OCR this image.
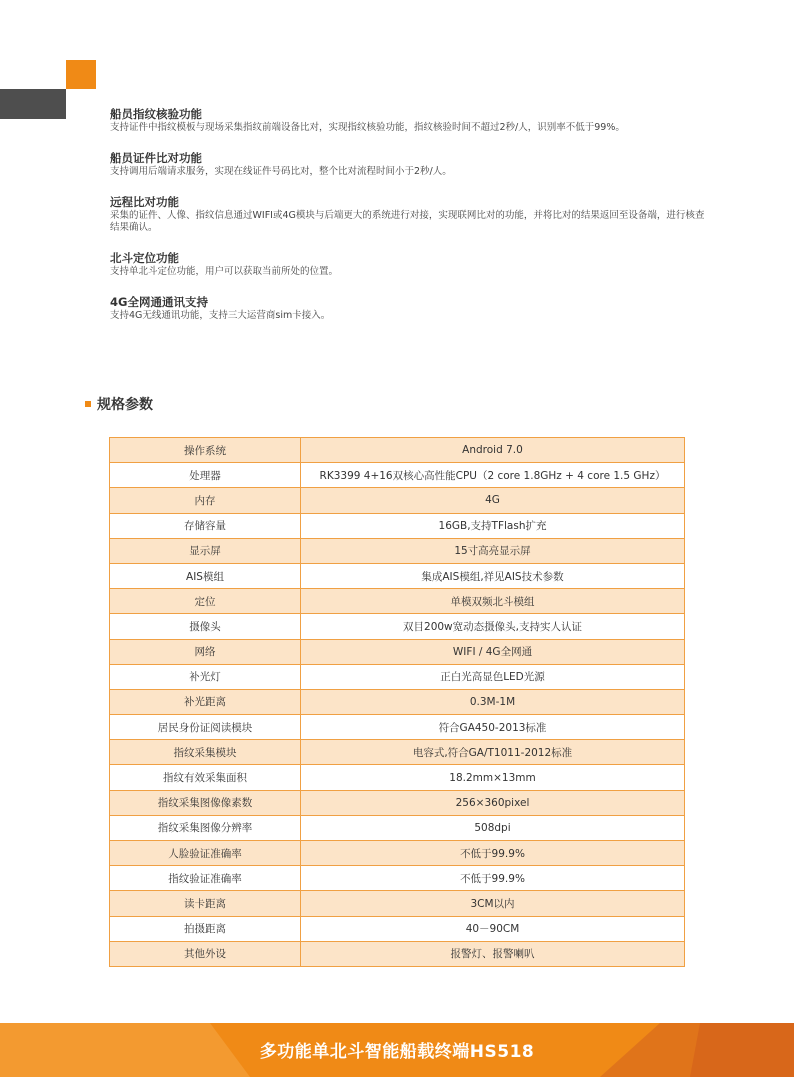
船员指纹核验功能
支持证件中指纹模板与现场采集指纹前端设备比对，实现指纹核验功能，指纹核验时间不超过2秒/人，识别率不低于99%。
船员证件比对功能
支持调用后端请求服务，实现在线证件号码比对，整个比对流程时间小于2秒/人。
远程比对功能
采集的证件、人像、指纹信息通过WIFI或4G模块与后端更大的系统进行对接，实现联网比对的功能，并将比对的结果返回至设备端，进行核查结果确认。
北斗定位功能
支持单北斗定位功能，用户可以获取当前所处的位置。
4G全网通通讯支持
支持4G无线通讯功能，支持三大运营商sim卡接入。
规格参数
操作系统	Android 7.0
处理器	RK3399 4+16双核心高性能CPU（2 core 1.8GHz + 4 core 1.5 GHz）
内存	4G
存储容量	16GB,支持TFlash扩充
显示屏	15寸高亮显示屏
AIS模组	集成AIS模组,祥见AIS技术参数
定位	单模双频北斗模组
摄像头	双目200w宽动态摄像头,支持实人认证
网络	WIFI / 4G全网通
补光灯	正白光高显色LED光源
补光距离	0.3M-1M
居民身份证阅读模块	符合GA450-2013标准
指纹采集模块	电容式,符合GA/T1011-2012标准
指纹有效采集面积	18.2mm×13mm
指纹采集图像像素数	256×360pixel
指纹采集图像分辨率	508dpi
人脸验证准确率	不低于99.9%
指纹验证准确率	不低于99.9%
读卡距离	3CM以内
拍摄距离	40－90CM
其他外设	报警灯、报警喇叭
多功能单北斗智能船载终端HS518
